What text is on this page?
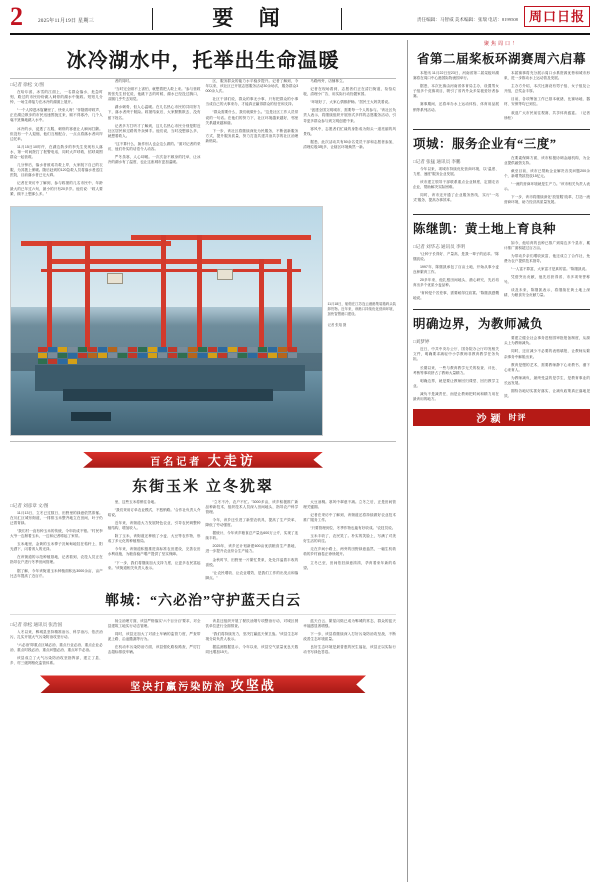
2	2025年11月19日 星期三	要 闻	责任编辑：马智威 美术编辑：张瑞 电话：8199508 周口日报
冰冷湖水中，托举出生命温暖
□记者 徐松 文/图

在哈尔滨，冰雪的江面上，一名群众落水，危急时刻，路过的市民纷纷跳入刺骨的湖水中施救。短短几分钟，一场生命接力在冰冷的湖面上展开。

“一个人掉进冰窟窿里了，快来人呀！”伴随着呼救声，正在湖边散步的市民迅速围拢过来，顾不得寒冷，几个人毫不犹豫地跳入水中。

冰冷的水，浸透了衣服，刺骨的寒意让人瞬间打颤。但没有一个人退缩，他们互相配合，一点点将落水者向岸边托举。

11月15日10时许，在湖边散步的李先生发现有人落水，第一时间拨打了报警电话，同时大声呼救，招呼周围群众一起营救。

几分钟后，落水者被成功救上岸，大家脱下自己的衣服，为其披上保暖。随后赶到的120急救人员将落水者送往医院，目前落水者已无大碍。

记者在采访中了解到，参与救援的几名市民中，年龄最大的已年过六旬，最小的只有20多岁。他们说：“救人要紧，顾不上想那么多。”

者的同时。

“当时完全顾不上害怕，就想着把人救上来。”参与营救的张先生回忆说，他跳下去的时候，湖水已经没过胸口，双腿几乎失去知觉。

湖水刺骨，但人心温暖。在几名热心市民的共同努力下，落水者终于脱险。救援结束后，大家默默散去，没有留下姓名。

记者多方打听才了解到，这几名热心市民分别是附近社区居民和过路的外卖骑手。他们说，当时没想那么多，就想着救人。

“这不算什么，换作别人也会这么做的。”面对记者的采访，他们朴实的话语令人动容。

严冬虽寒，人心却暖。一次次奋不顾身的托举，让冰冷的湖水有了温度，也让这座城市更加温暖。

区，服务群众的能力水平稳步提升。记者了解到，今年以来，该社区已开展志愿服务活动30余场次，服务群众3000余人次。

社区干部们说，群众的事无小事，只有把群众的小事当成自己的大事来办，才能真正赢得群众的信任和支持。

“群众需要什么，我们就做什么。”这是社区工作人员常说的一句话。在他们的努力下，社区环境越来越好，邻里关系越来越和谐。

下一步，该社区将继续深化为民服务，不断创新服务方式，提升服务质量，努力打造共建共治共享的社区治理新格局。

马路两旁，店铺林立。

记者在现场看到，志愿者们正在清扫街道，捡拾垃圾，清理小广告，用实际行动扮靓家园。

“环境好了，大家心情都舒畅。”居民王大妈笑着说。

“创建全国文明城市，需要每一个人的参与。”该社区负责人表示，将继续组织开展形式多样的志愿服务活动，引导更多群众参与到文明创建中来。

寒风中，志愿者们忙碌的身影成为街头一道亮丽的风景线。

据悉，此次活动共有50余名党员干部和志愿者参加，清理垃圾3吨多，让辖区环境焕然一新。

11月18日，船舶在江苏连云港港集装箱码头装卸货物。近年来，该港口持续优化营商环境，加快智慧港口建设。
记者 张翔 摄
百名记者 大走访
东街玉米 立冬犹翠
□记者 刘彦章 文/图

11月13日，立冬已过数日，田野里的绿意依然浓郁。在川汇区城东街道，一排排玉米整齐地立在田间，叶子仍泛着青绿。

“我们村一直有种玉米的传统，今年收成不错。”村民李大爷一边掰着玉米，一边和记者唠起了家常。

玉米地里，金黄的玉米棒子沉甸甸地挂在秸秆上，阳光洒下，闪着诱人的光泽。

在该街道的示范种植基地，记者看到，农技人员正在指导农户进行冬季田间管理。

据了解，今年该街道玉米种植面积达3000余亩，亩产比去年提高了近百斤。

里，这些玉米将销往各地。

“我们采用订单农业模式，不愁销路。”合作社负责人介绍说。

近年来，该街道大力发展特色农业，引导农民调整种植结构，增加收入。

除了玉米，该街道还种植了小麦、大豆等农作物，形成了多元化的种植格局。

今年来，该街道积极推进高标准农田建设，完善农田水利设施，为粮食稳产增产提供了坚实保障。

“下一步，我们将继续加大支持力度，让更多农民富起来。”该街道相关负责人表示。

“立冬不冷，农户不忙。”3000多亩，该乡积极推广新品种新技术，组织技术人员深入田间地头，指导农户科学管理。

今年，该乡还引进了新型农机具，提高了生产效率，降低了劳动强度。

据统计，今年该乡粮食总产量达600万公斤，实现了连续丰收。

2025年，该乡还计划新建600亩优质粮食生产基地，进一步提升农业综合生产能力。

金秋时节，田野里一片繁忙景象，处处洋溢着丰收的喜悦。

“让农民增收、让农业增效，是我们工作的出发点和落脚点。”

大豆油桐。寒风中翠意不减。立冬之后，正是田间管理关键期。

记者在采访中了解到，该街道还将持续做好农业技术推广服务工作。

“只要管理到位，冬季作物也能有好收成。”农技员说。

玉米丰收了，农民笑了。朴实的笑脸上，写满了对美好生活的向往。

走在乡间小路上，两旁的田野绿意盎然，一幅生机勃勃的乡村画卷正徐徐展开。

立冬已至，田间依旧绿意浓浓，孕育着来年新的希望。

郸城：“六必治”守护蓝天白云
□记者 徐松 通讯员 张治国

入冬以来，郸城县坚持精准治污、科学治污、依法治污，扎实开展大气污染防治攻坚行动。

“六必治”即重点区域必治、重点行业必治、重点企业必治、重点时段必治、重点问题必治、重点环节必治。

该县成立了大气污染防治攻坚指挥部，建立了县、乡、村三级网格化监管体系。

扬尘治理方面，该县严格落实“六个百分百”要求，对全县建筑工地实行动态管理。

同时，该县还加大了对渣土车辆的监管力度，严查带泥上路、沿途撒漏等行为。

在机动车污染防治方面，该县强化路检路查，严厉打击超标排放车辆。

该县还组织开展了餐饮油烟专项整治行动，对城区餐饮单位进行全面排查。

“我们将持续发力，坚决打赢蓝天保卫战。”该县生态环境分局负责人表示。

据监测数据显示，今年以来，该县空气质量优良天数同比增加15天。

蓝天白云、繁星闪烁已成为郸城的常态，群众的蓝天幸福感显著增强。

下一步，该县将继续深入打好污染防治攻坚战，不断改善生态环境质量。

良好生态环境是最普惠的民生福祉，该县正以实际行动书写绿色答卷。

坚决打赢污染防治 攻坚战
聚焦周口！
省第二届桨板环湖赛周六启幕

本报讯 11月22日至23日，河南省第二届桨板环湖赛将在周口中心港国际物流园举行。

据悉，本次比赛由河南省体育局主办，设置男女子组多个竞赛项目，吸引了省内外众多桨板爱好者参赛。

赛事期间，还将举办水上运动体验、体育用品展销等系列活动。

本届赛事将充分展示周口水系资源优势和城市形象，进一步推动水上运动普及发展。

主办方介绍，本次比赛设有男子组、女子组及公开组，总奖金丰厚。

目前，各项筹备工作已基本就绪，比赛场地、器材、安保等均已到位。

欢迎广大市民前往观赛，共享体育盛宴。（记者 徐松）

项城：服务企业有“三度”
□记者 张猛 通讯员 李鹏

今年以来，项城市持续优化营商环境，以“温度、力度、速度”服务企业发展。

该市建立领导干部联系重点企业制度，定期走访企业，帮助解决实际困难。

同时，该市还开通了企业服务热线，实行“一站式”服务，提高办事效率。

在要素保障方面，该市积极协调金融机构，为企业提供融资支持。

截至目前，该市已帮助企业解决各类问题200余个，新增贷款投放15亿元。

“一流的营商环境就是生产力。”该市相关负责人表示。

下一步，该市将继续深化“放管服”改革，打造一流营商环境，助力经济高质量发展。

陈继凯：黄土地上育良种
□记者 刘华志 通讯员 李明

“让种子长得好、产量高，是我一辈子的追求。”陈继凯说。

1997年，陈继凯承包了百亩土地，开始从事小麦良种繁育工作。

20多年来，他扎根田间地头，潜心研究，先后培育出多个优质小麦品种。

“育种是个苦差事，需要耐得住寂寞。”陈继凯感慨地说。

如今，他培育的良种已推广到周边多个县市，累计推广面积超过百万亩。

为带动乡亲们增收致富，他还成立了合作社，免费为农户提供技术指导。

“一人富不算富，大家富才是真的富。”陈继凯说。

凭借突出贡献，他先后获得省、市多项荣誉称号。

谈及未来，陈继凯表示，将继续在黄土地上深耕，为粮食安全贡献力量。

明确边界，为教师减负
□刘梦婷

近日，中共中央办公厅、国务院办公厅印发相关文件，明确要求减轻中小学教师非教育教学任务负担。

长期以来，一些与教育教学无关的检查、评比、考核等事项挤占了教师大量精力。

明确边界，就是要让教师回归课堂、回归教学主业。

减负不是减责任，而是让教师把时间和精力用在最该用的地方。

要建立健全社会事务进校园审批报备制度，从源头上为教师减负。

同时，还应减少不必要的表格填报，让教师从繁杂事务中解脱出来。

教育是慢的艺术，需要教师静下心来教书、潜下心来育人。

为教师减负，最终受益的是学生，是教育事业的长远发展。

期待各地切实抓好落实，让减负政策真正落地见效。

沙颍 时评
